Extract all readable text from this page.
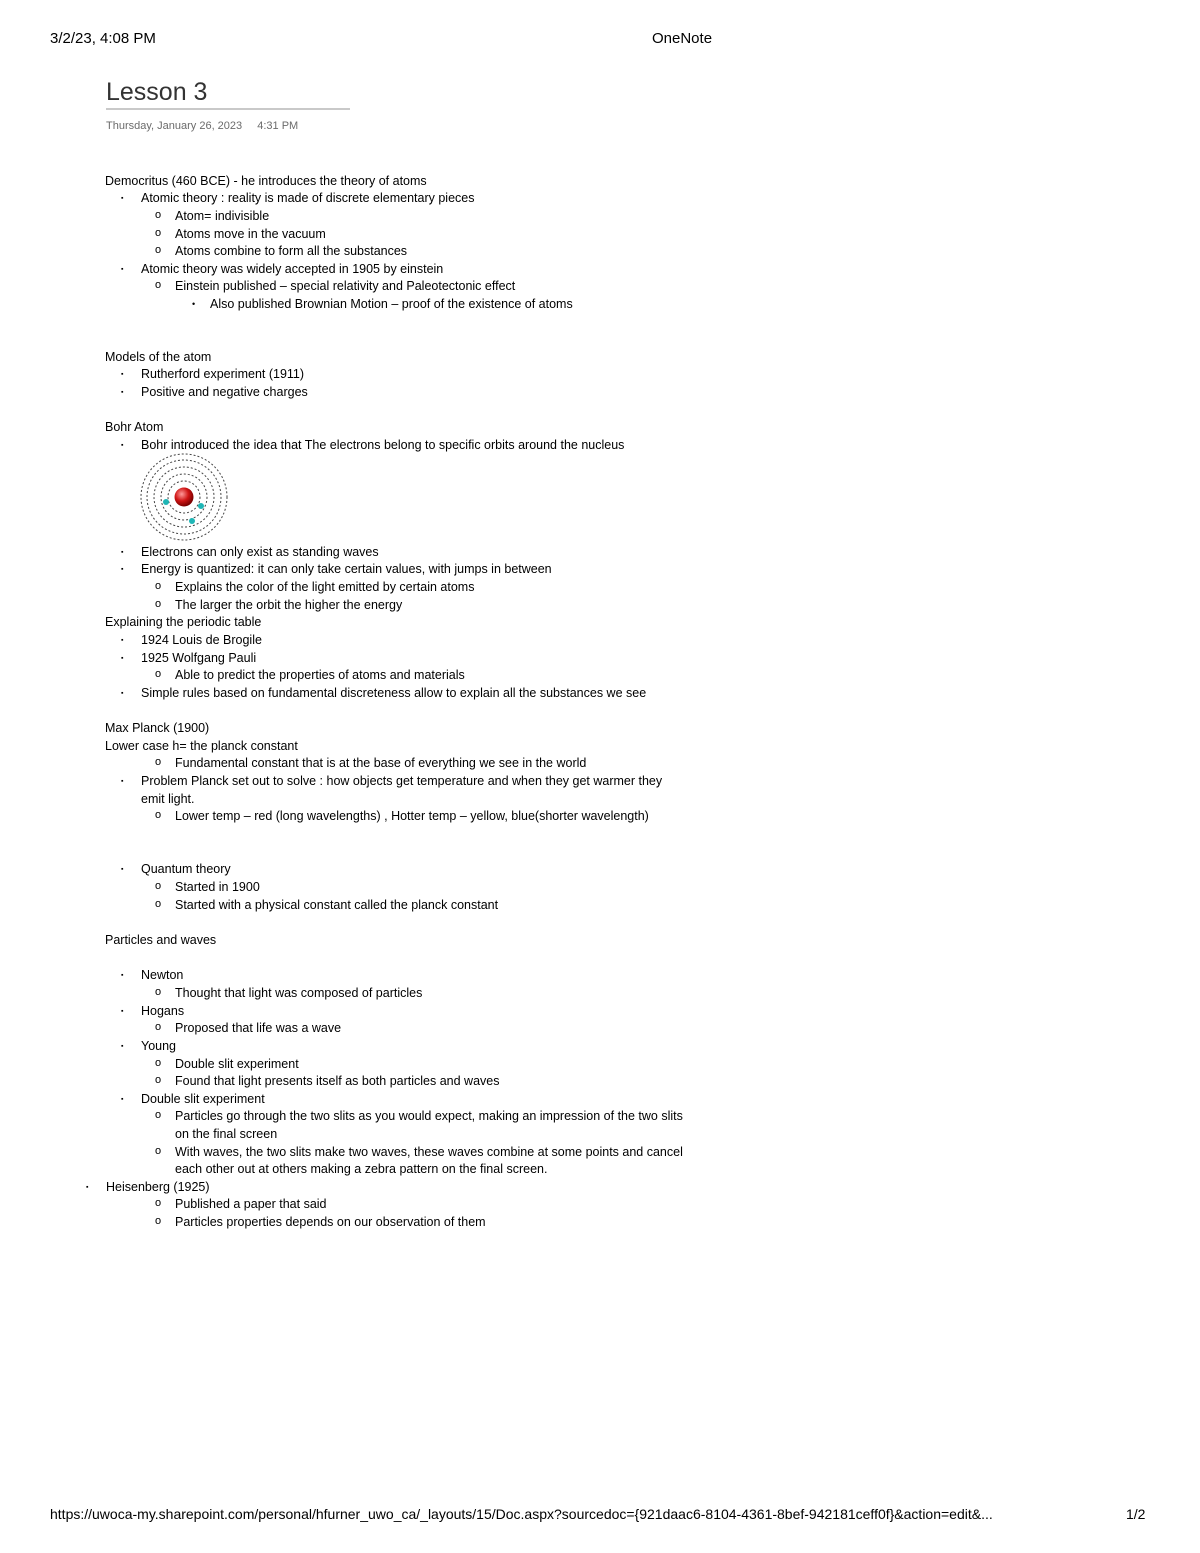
3/2/23, 4:08 PM	OneNote
Lesson 3
Thursday, January 26, 2023 4:31 PM
Democritus (460 BCE) - he introduces the theory of atoms
▪ Atomic theory : reality is made of discrete elementary pieces
o Atom= indivisible
o Atoms move in the vacuum
o Atoms combine to form all the substances
▪ Atomic theory was widely accepted in 1905 by einstein
o Einstein published – special relativity and Paleotectonic effect
• Also published Brownian Motion – proof of the existence of atoms
Models of the atom
▪ Rutherford experiment (1911)
▪ Positive and negative charges
Bohr Atom
▪ Bohr introduced the idea that The electrons belong to specific orbits around the nucleus
▪ Electrons can only exist as standing waves
▪ Energy is quantized: it can only take certain values, with jumps in between
o Explains the color of the light emitted by certain atoms
o The larger the orbit the higher the energy
Explaining the periodic table
▪ 1924 Louis de Brogile
▪ 1925 Wolfgang Pauli
o Able to predict the properties of atoms and materials
▪ Simple rules based on fundamental discreteness allow to explain all the substances we see
Max Planck (1900)
Lower case h= the planck constant
o Fundamental constant that is at the base of everything we see in the world
▪ Problem Planck set out to solve : how objects get temperature and when they get warmer they
emit light.
o Lower temp – red (long wavelengths) , Hotter temp – yellow, blue(shorter wavelength)
▪ Quantum theory
o Started in 1900
o Started with a physical constant called the planck constant
Particles and waves
▪ Newton
o Thought that light was composed of particles
▪ Hogans
o Proposed that life was a wave
▪ Young
o Double slit experiment
o Found that light presents itself as both particles and waves
▪ Double slit experiment
o Particles go through the two slits as you would expect, making an impression of the two slits
on the final screen
o With waves, the two slits make two waves, these waves combine at some points and cancel
each other out at others making a zebra pattern on the final screen.
▪ Heisenberg (1925)
o Published a paper that said
o Particles properties depends on our observation of them
https://uwoca-my.sharepoint.com/personal/hfurner_uwo_ca/_layouts/15/Doc.aspx?sourcedoc={921daac6-8104-4361-8bef-942181ceff0f}&action=edit&...	1/2
